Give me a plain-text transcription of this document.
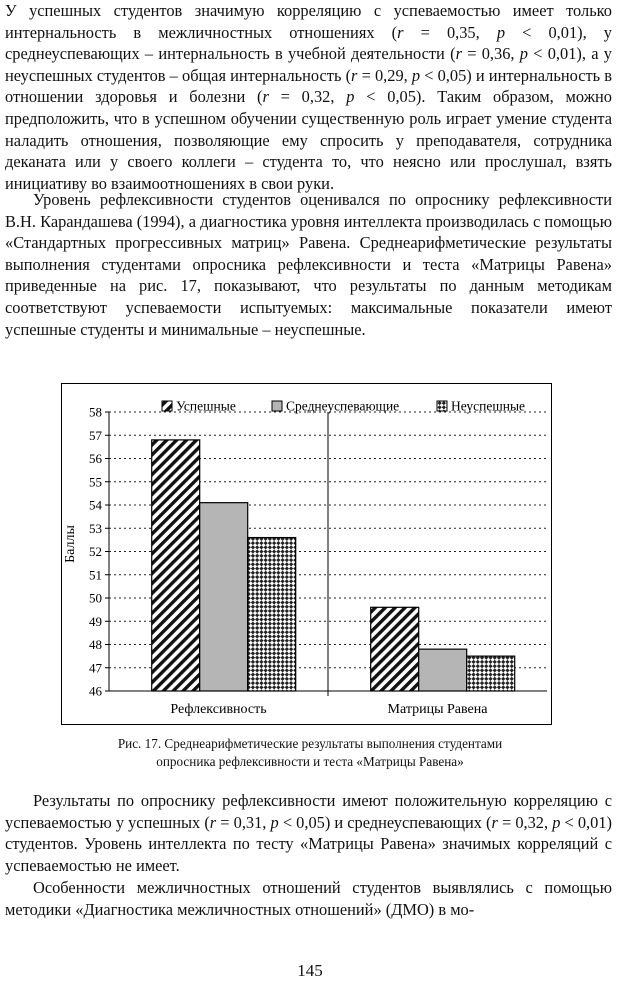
У успешных студентов значимую корреляцию с успеваемостью имеет только интернальность в межличностных отношениях (r = 0,35, p < 0,01), у среднеуспевающих – интернальность в учебной деятельности (r = 0,36, p < 0,01), а у неуспешных студентов – общая интернальность (r = 0,29, p < 0,05) и интернальность в отношении здоровья и болезни (r = 0,32, p < 0,05). Таким образом, можно предположить, что в успешном обучении существенную роль играет умение студента наладить отношения, позволяющие ему спросить у преподавателя, сотрудника деканата или у своего коллеги – студента то, что неясно или прослушал, взять инициативу во взаимоотношениях в свои руки.

Уровень рефлексивности студентов оценивался по опроснику рефлексивности В.Н. Карандашева (1994), а диагностика уровня интеллекта производилась с помощью «Стандартных прогрессивных матриц» Равена. Среднеарифметические результаты выполнения студентами опросника рефлексивности и теста «Матрицы Равена» приведенные на рис. 17, показывают, что результаты по данным методикам соответствуют успеваемости испытуемых: максимальные показатели имеют успешные студенты и минимальные – неуспешные.

46
47
48
49
50
51
52
53
54
55
56
57
58
Рефлексивность	Матрицы Равена
Успешные	Среднеуспевающие	Неуспешные
Баллы
Рис. 17. Среднеарифметические результаты выполнения студентами
опросника рефлексивности и теста «Матрицы Равена»

Результаты по опроснику рефлексивности имеют положительную корреляцию с успеваемостью у успешных (r = 0,31, p < 0,05) и среднеуспевающих (r = 0,32, p < 0,01) студентов. Уровень интеллекта по тесту «Матрицы Равена» значимых корреляций с успеваемостью не имеет.

Особенности межличностных отношений студентов выявлялись с помощью методики «Диагностика межличностных отношений» (ДМО) в мо-

145
